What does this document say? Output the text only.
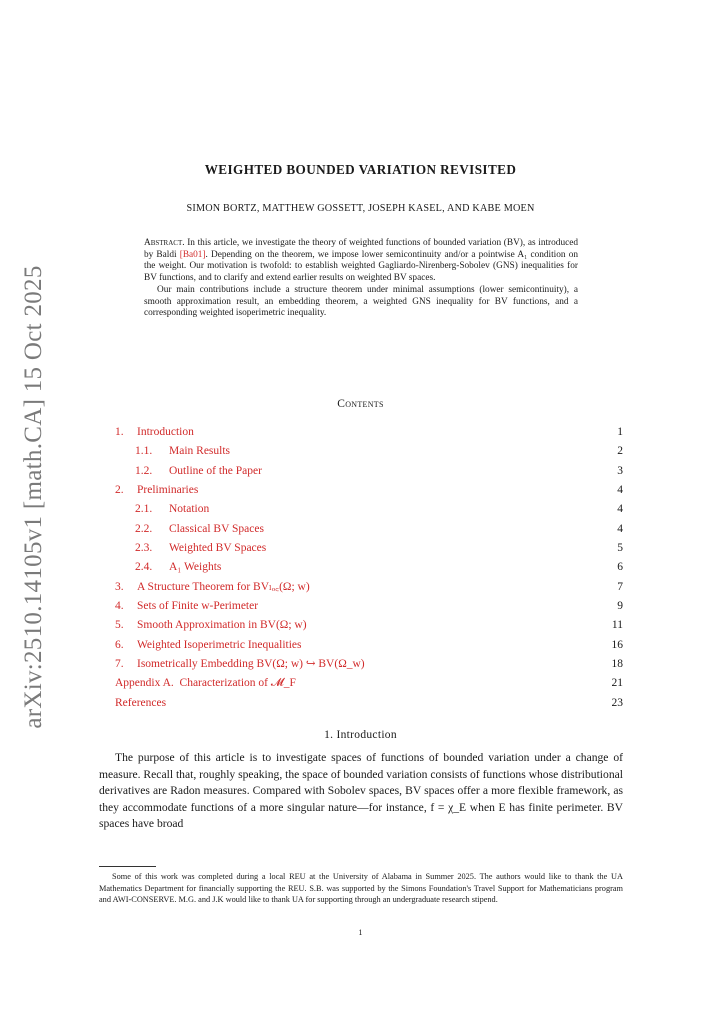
arXiv:2510.14105v1 [math.CA] 15 Oct 2025
WEIGHTED BOUNDED VARIATION REVISITED
SIMON BORTZ, MATTHEW GOSSETT, JOSEPH KASEL, AND KABE MOEN

Abstract. In this article, we investigate the theory of weighted functions of bounded variation (BV), as introduced by Baldi [Ba01]. Depending on the theorem, we impose lower semicontinuity and/or a pointwise A₁ condition on the weight. Our motivation is twofold: to establish weighted Gagliardo-Nirenberg-Sobolev (GNS) inequalities for BV functions, and to clarify and extend earlier results on weighted BV spaces.

Our main contributions include a structure theorem under minimal assumptions (lower semicontinuity), a smooth approximation result, an embedding theorem, a weighted GNS inequality for BV functions, and a corresponding weighted isoperimetric inequality.

Contents
1. Introduction	1
1.1. Main Results	2
1.2. Outline of the Paper	3
2. Preliminaries	4
2.1. Notation	4
2.2. Classical BV Spaces	4
2.3. Weighted BV Spaces	5
2.4. A₁ Weights	6
3. A Structure Theorem for BVₗₒ꜀(Ω; w)	7
4. Sets of Finite w-Perimeter	9
5. Smooth Approximation in BV(Ω; w)	11
6. Weighted Isoperimetric Inequalities	16
7. Isometrically Embedding BV(Ω; w) ↪ BV(Ω_w)	18
Appendix A. Characterization of 𝓜_F	21
References	23
1. Introduction

The purpose of this article is to investigate spaces of functions of bounded variation under a change of measure. Recall that, roughly speaking, the space of bounded variation consists of functions whose distributional derivatives are Radon measures. Compared with Sobolev spaces, BV spaces offer a more flexible framework, as they accommodate functions of a more singular nature—for instance, f = χ_E when E has finite perimeter. BV spaces have broad

Some of this work was completed during a local REU at the University of Alabama in Summer 2025. The authors would like to thank the UA Mathematics Department for financially supporting the REU. S.B. was supported by the Simons Foundation's Travel Support for Mathematicians program and AWI-CONSERVE. M.G. and J.K would like to thank UA for supporting through an undergraduate research stipend.

1
